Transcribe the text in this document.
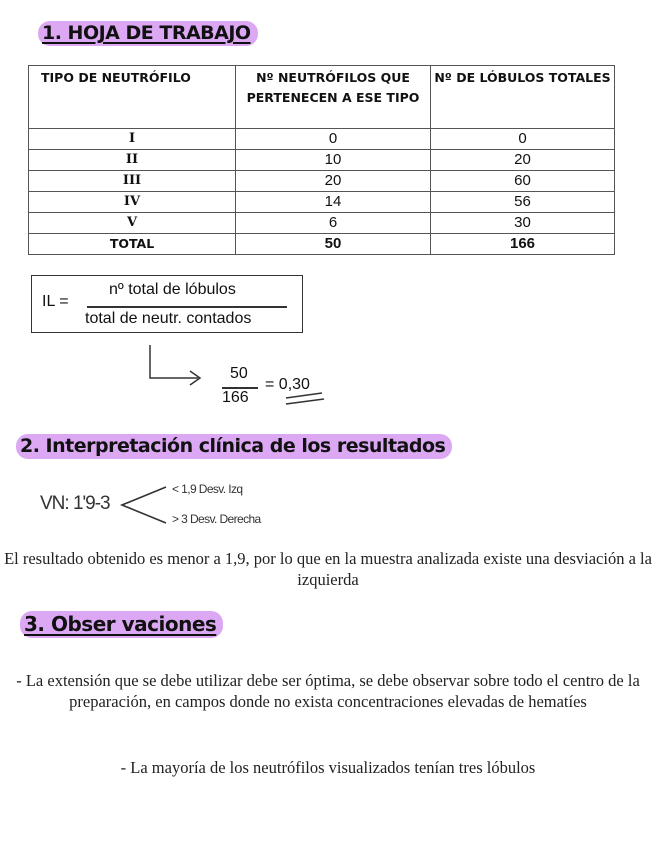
1. HOJA DE TRABAJO
TIPO DE NEUTRÓFILO	Nº NEUTRÓFILOS QUE PERTENECEN A ESE TIPO	Nº DE LÓBULOS TOTALES
I	0	0
II	10	20
III	20	60
IV	14	56
V	6	30
TOTAL	50	166
IL =
nº total de lóbulos
total de neutr. contados
50
166
= 0,30
2. Interpretación clínica de los resultados
VN: 1'9-3
< 1,9 Desv. Izq
> 3 Desv. Derecha

El resultado obtenido es menor a 1,9, por lo que en la muestra analizada existe una desviación a la izquierda

3. Obser vaciones

- La extensión que se debe utilizar debe ser óptima, se debe observar sobre todo el centro de la preparación, en campos donde no exista concentraciones elevadas de hematíes

- La mayoría de los neutrófilos visualizados tenían tres lóbulos
